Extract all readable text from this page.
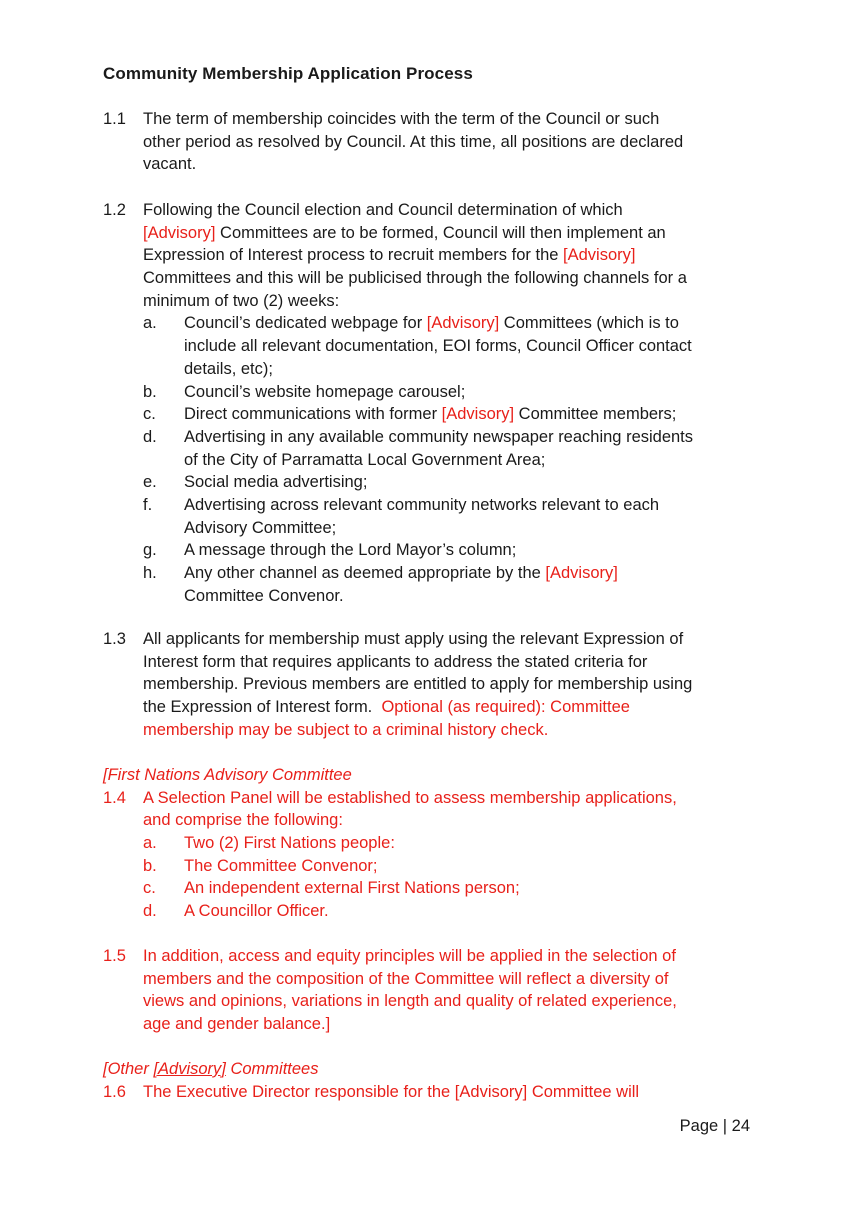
Community Membership Application Process
1.1 The term of membership coincides with the term of the Council or such
other period as resolved by Council. At this time, all positions are declared
vacant.
1.2 Following the Council election and Council determination of which
[Advisory] Committees are to be formed, Council will then implement an
Expression of Interest process to recruit members for the [Advisory]
Committees and this will be publicised through the following channels for a
minimum of two (2) weeks:
a. Council’s dedicated webpage for [Advisory] Committees (which is to
include all relevant documentation, EOI forms, Council Officer contact
details, etc);
b. Council’s website homepage carousel;
c. Direct communications with former [Advisory] Committee members;
d. Advertising in any available community newspaper reaching residents
of the City of Parramatta Local Government Area;
e. Social media advertising;
f. Advertising across relevant community networks relevant to each
Advisory Committee;
g. A message through the Lord Mayor’s column;
h. Any other channel as deemed appropriate by the [Advisory]
Committee Convenor.
1.3 All applicants for membership must apply using the relevant Expression of
Interest form that requires applicants to address the stated criteria for
membership. Previous members are entitled to apply for membership using
the Expression of Interest form.  Optional (as required): Committee
membership may be subject to a criminal history check.
[First Nations Advisory Committee
1.4 A Selection Panel will be established to assess membership applications,
and comprise the following:
a. Two (2) First Nations people:
b. The Committee Convenor;
c. An independent external First Nations person;
d. A Councillor Officer.
1.5 In addition, access and equity principles will be applied in the selection of
members and the composition of the Committee will reflect a diversity of
views and opinions, variations in length and quality of related experience,
age and gender balance.]
[Other [Advisory] Committees
1.6 The Executive Director responsible for the [Advisory] Committee will
Page | 24
